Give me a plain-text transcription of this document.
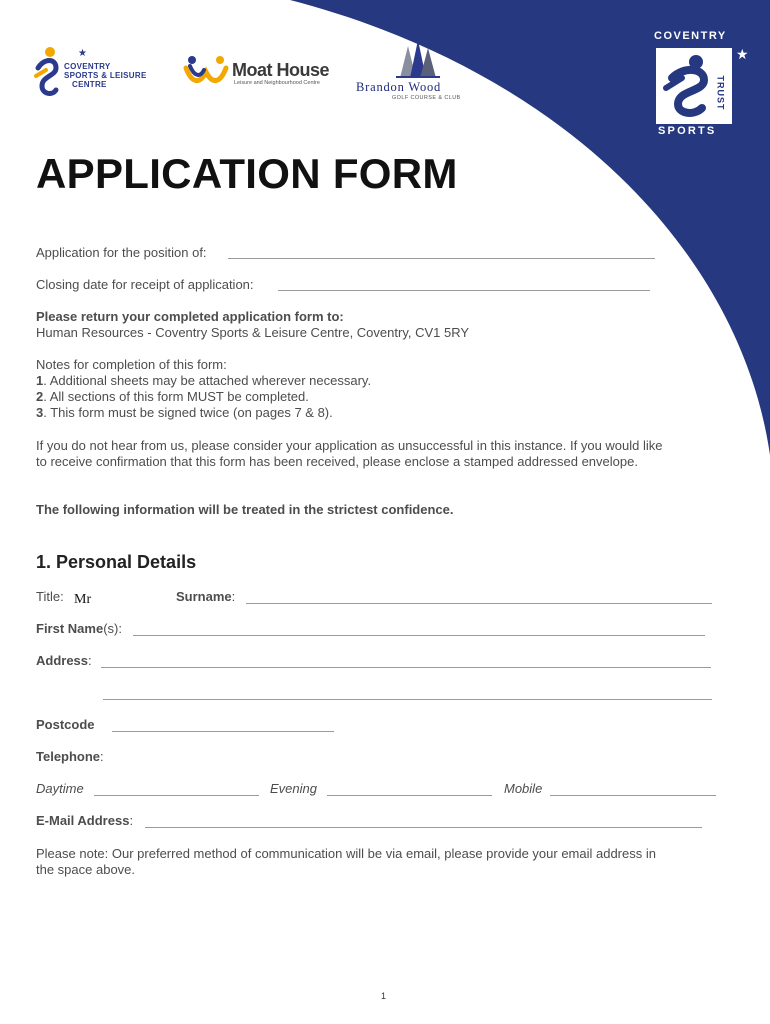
COVENTRY
SPORTS & LEISURE
CENTRE
★
Moat House
Leisure and Neighbourhood Centre	Brandon Wood
GOLF COURSE & CLUB
COVENTRY
TRUST
★
SPORTS
APPLICATION FORM
Application for the position of:
Closing date for receipt of application:
Please return your completed application form to:
Human Resources - Coventry Sports & Leisure Centre, Coventry, CV1 5RY
Notes for completion of this form:
1. Additional sheets may be attached wherever necessary.
2. All sections of this form MUST be completed.
3. This form must be signed twice (on pages 7 & 8).
If you do not hear from us, please consider your application as unsuccessful in this instance. If you would like
to receive confirmation that this form has been received, please enclose a stamped addressed envelope.
The following information will be treated in the strictest confidence.
1. Personal Details
Title: Mr	Surname:
First Name(s):
Address:
Postcode
Telephone:
Daytime	Evening	Mobile
E-Mail Address:
Please note: Our preferred method of communication will be via email, please provide your email address in
the space above.
1
